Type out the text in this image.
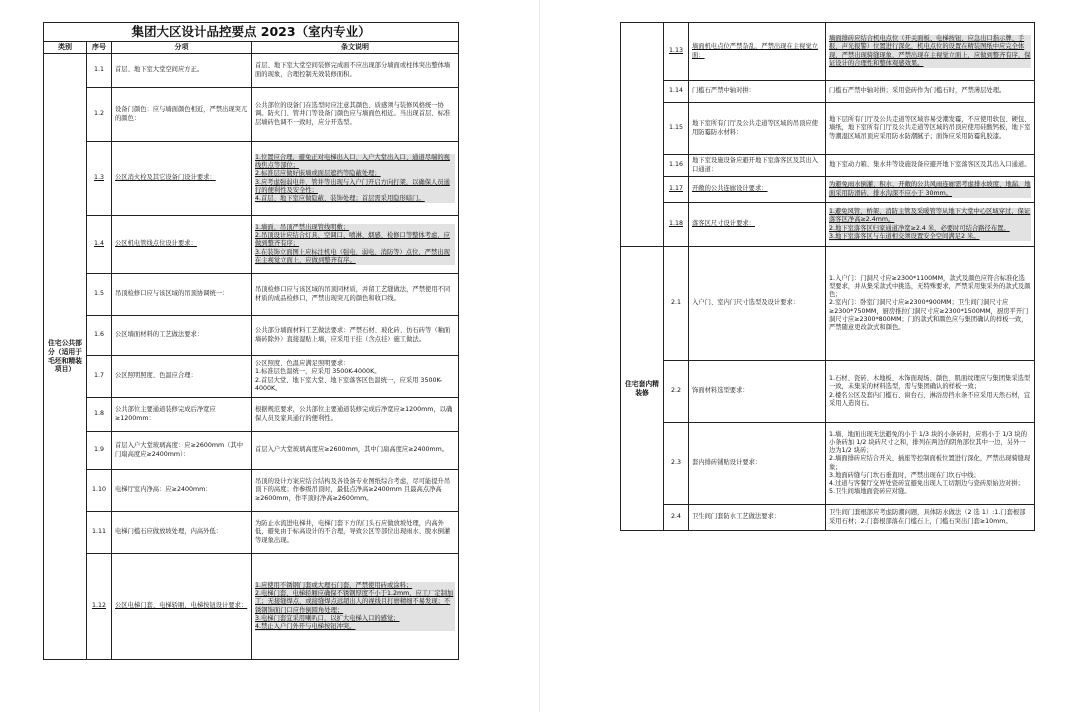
集团大区设计品控要点 2023（室内专业）			
类别	序号	分项	条文说明
住宅公共部分（适用于毛坯和精装项目）	1.1	首层、地下室大堂空间应方正。	首层、地下室大堂空间装修完成面不应出现部分墙面或柱体突出整体墙面的现象，合理控制无效装修面积。

	1.2	设备门颜色：应与墙面颜色相近，严禁出现突兀的颜色：	公共部位的设备门在选型时应注意其颜色、质感须与装修风格统一协调。防火门、管井门等设备门颜色应与墙面色相近。当出现首层、标准层墙砖色调不一致时，应分开选型。

	1.3	公区消火栓及其它设备门设计要求：	1.位置应合理，避免正对电梯出入口、入户大堂出入口、通道尽端的视线焦点等部位；
2.标准层应做好嵌墙或面层遮挡等隐蔽处理；
3.应考虑强弱电井、管井等出现与入户门开启方向打架，以确保人员通行的便利性及安全性；
4.首层、地下室应做隐蔽、装饰处理；首层需采用隐形暗门。

	1.4	公区机电管线点位设计要求：	1.墙面、吊顶严禁出现管线明敷；
2.吊顶设计应结合灯具、空调口、喷淋、烟感、检修口等整体考虑，应做到整齐有序；
3.在装饰立面图上应标注机电（强电、弱电、消防等）点位，严禁出现在主视觉立面上，应做到整齐有序。

	1.5	吊顶检修口应与该区域的吊顶协调统一：	吊顶检修口应与该区域的吊顶同材质，并留工艺缝做法，严禁使用不同材质的成品检修口，严禁出现突兀的颜色和收口线。

	1.6	公区墙面材料的工艺做法要求：	公共部分墙面材料工艺做法要求：严禁石材、玻化砖、仿石砖等（釉面墙砖除外）直接湿贴上墙，应采用干挂（含点挂）施工做法。

	1.7	公区照明照度、色温应合理：	公区照度、色温应满足照明要求：
1.标准层色温统一，应采用 3500K-4000K。
2.首层大堂、地下室大堂、地下室落客区色温统一，应采用 3500K-4000K。

	1.8	公共部位主要通道装修完成后净宽应≥1200mm：	根据规范要求，公共部位主要通道装修完成后净宽应≥1200mm，以确保人员及家具通行的便利性。

	1.9	首层入户大堂玻璃高度：应≥2600mm（其中门扇高度应≥2400mm）：	首层入户大堂玻璃高度应≥2600mm，其中门扇高度应≥2400mm。

	1.10	电梯厅室内净高：应≥2400mm：	吊顶的设计方案应结合结构及各设备专业图纸综合考虑，尽可能提升吊顶下的高度；作参级吊顶时，最低点净高≥2400mm 且最高点净高≥2600mm，作平顶时净高≥2600mm。

	1.11	电梯门槛石应做放坡处理，内高外低：	为防止水流进电梯井，电梯门套下方的门头石应做放坡处理，内高外低，避免由于标高设计的不合理，导致公区等部位出现雨水、脱水倒灌等现象出现。

	1.12	公区电梯门套、电梯轿厢、电梯按钮设计要求：	1.应使用不锈钢门套或大理石门套，严禁使用砖或涂料；
2.电梯门套、电梯轿厢应确保不锈钢厚度不小于1.2mm，应工厂定制加工；无接缝焊点，或接缝焊点远超出人的视线且打磨精细不易发现；不锈钢饰面门口应作倒圆角处理；
3.电梯门套宜采用喇叭口，以扩大电梯入口的感觉；
4.禁止入户门外开与电梯按钮冲突。
	1.13	墙面机电点位严禁杂乱，严禁出现在主视觉立面：	墙面排砖应结合机电点位（开关面板、电梯按钮、应急出口指示牌、手报、声光报警）位置进行深化，机电点位的设置在精装图纸中应完全体现，严禁出现骑缝现象，严禁出现在主视觉立面上，应做到整齐有序，保证设计的合理性和整体观感效果。

	1.14	门槛石严禁中轴对拼：	门槛石严禁中轴对拼；采用瓷砖作为门槛石时，严禁薄层处理。

	1.15	地下室所有门厅及公共走道等区域的吊顶应使用防霉防水材料：	地下层所有门厅及公共走道等区域容易受潮发霉，不应使用软包、硬包、墙纸，地下室所有门厅及公共走道等区域的吊顶应使用硅酸钙板，地下室等潮湿区域吊顶应采用防水防潮腻子；面饰应采用防霉乳胶漆。

	1.16	地下室设施设备应避开地下室落客区及其出入口通道：	地下室动力箱、集水井等设施设备应避开地下室落客区及其出入口通道。

	1.17	开敞的公共连廊设计要求：	为避免雨水倒灌、积水，开敞的公共风雨连廊需考虑排水坡度、地漏，地面采用防滑砖，排水沟深不应小于 30mm。

	1.18	落客区尺寸设计要求：	1.避免风管、桥架、消防主管及采暖管等从地下大堂中心区域穿过，保证落客区净高≥2.4mm。
2.地下室落客区归家通道净宽≥2.4 米，必要时可结合路径布置。
3.地下室落客区与车道相交须设置安全空间满足2 米。

住宅套内精装修	2.1	入户门、室内门尺寸选型及设计要求：	1.入户门：门洞尺寸应≥2300*1100MM，款式及颜色应符合标准化选型要求，并从集采款式中挑选，无特殊要求，严禁采用集采外的款式及颜色；
2.室内门：卧室门洞尺寸应≥2300*900MM；卫生间门洞尺寸应≥2300*750MM，厨房推拉门洞尺寸应≥2300*1500MM，厨房平开门洞尺寸应≥2300*800MM；门的款式和颜色应与集团确认的样板一致，严禁随意更改款式和颜色。

	2.2	饰面材料选型要求：	1.石材、瓷砖、木地板、木饰面现场、颜色、肌面纹理应与集团集采选型一致，未集采的材料选型，需与集团确认的样板一致；
2.楼名公区及套内门槛石、窗台石、淋浴房挡水条不应采用天然石材，宜采用人造岗石。

	2.3	套内排砖铺贴设计要求：	1.墙、地面出现无法避免的小于 1/3 块的小条砖时，应将小于 1/3 块的小条砖加 1/2 块砖尺寸之和，排列在两边的阴角部位其中一边，另外一边为1/2 块砖；
2.墙面排砖应结合开关、插座等控制面板位置进行深化，严禁出现骑缝现象；
3.地面砖缝与门坎石垂直时，严禁出现在门坎石中线；
4.过道与客餐厅交界处瓷砖宜避免出现人工切割边与瓷砖原始边对拼；
5.卫生间墙地面瓷砖应对缝。

	2.4	卫生间门套防水工艺做法要求：	卫生间门套根部应考虑防潮问题，具体防水做法（2 选 1）:1.门套根部采用石材；2.门套根部落在门槛石上，门槛石突出门套≥10mm。
